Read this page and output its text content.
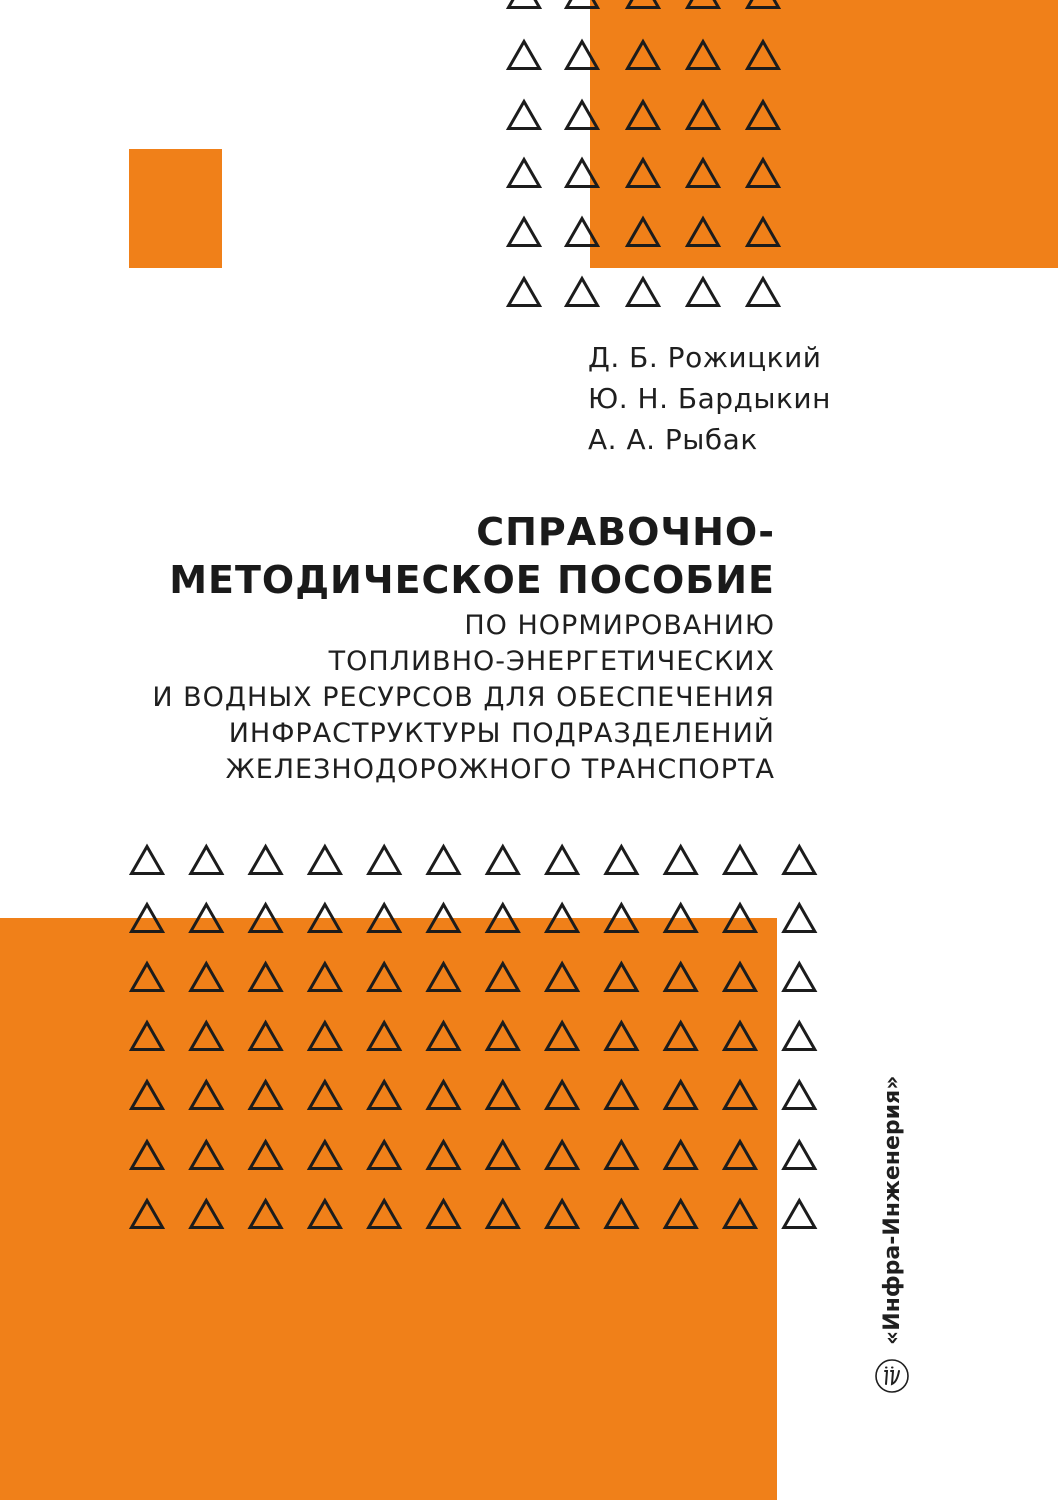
Д. Б. Рожицкий
Ю. Н. Бардыкин
А. А. Рыбак
СПРАВОЧНО-
МЕТОДИЧЕСКОЕ ПОСОБИЕ
ПО НОРМИРОВАНИЮ
ТОПЛИВНО-ЭНЕРГЕТИЧЕСКИХ
И ВОДНЫХ РЕСУРСОВ ДЛЯ ОБЕСПЕЧЕНИЯ
ИНФРАСТРУКТУРЫ ПОДРАЗДЕЛЕНИЙ
ЖЕЛЕЗНОДОРОЖНОГО ТРАНСПОРТА
«Инфра-Инженерия»
